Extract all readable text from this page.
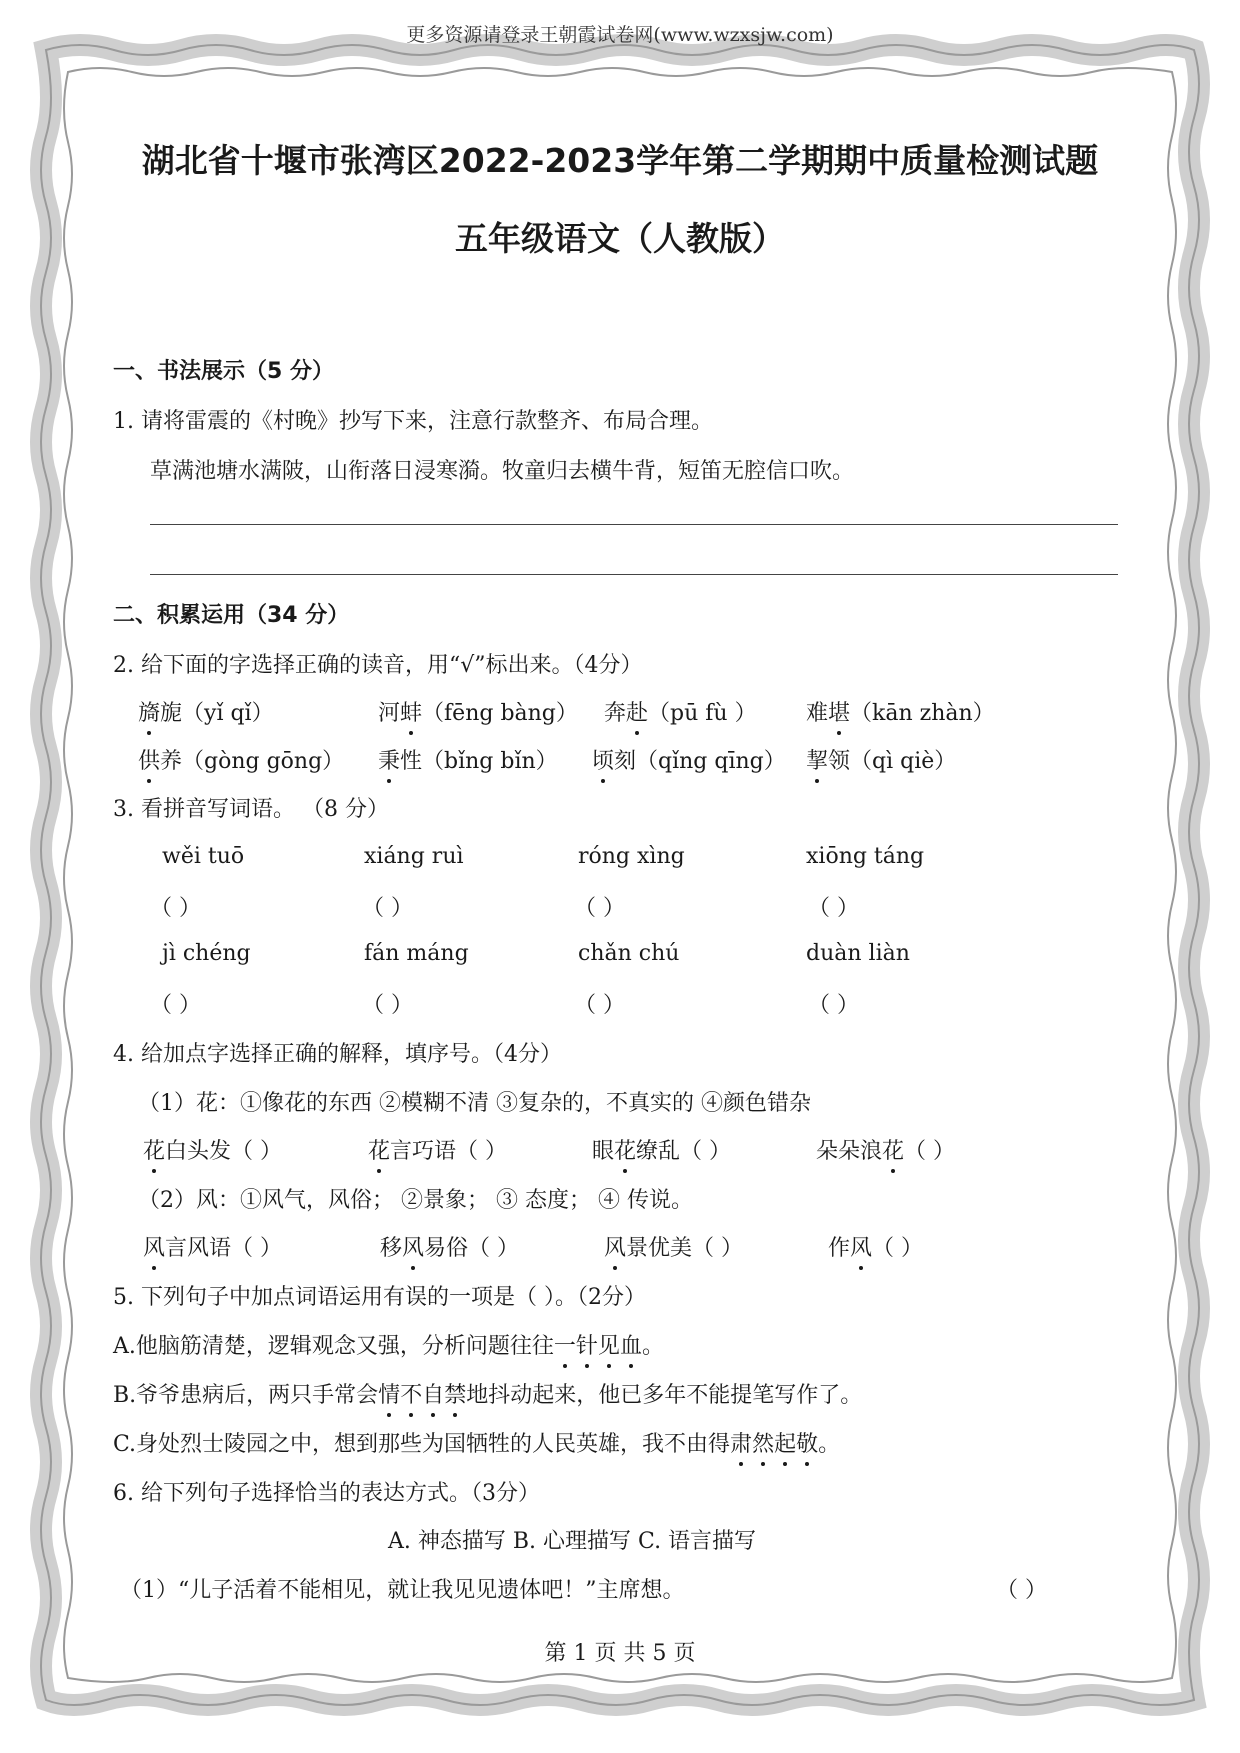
更多资源请登录王朝霞试卷网(www.wzxsjw.com)
湖北省十堰市张湾区2022-2023学年第二学期期中质量检测试题
五年级语文（人教版）
一、书法展示（5 分）
1. 请将雷震的《村晚》抄写下来，注意行款整齐、布局合理。
草满池塘水满陂，山衔落日浸寒漪。牧童归去横牛背，短笛无腔信口吹。
二、积累运用（34 分）
2. 给下面的字选择正确的读音，用“√”标出来。（4分）
旖旎（yǐ qǐ）	河蚌（fēng bàng） 奔赴（pū fù ） 难堪（kān zhàn）
供养（gòng gōng） 秉性（bǐng bǐn） 顷刻（qǐng qīng） 挈领（qì qiè）
3. 看拼音写词语。 （8 分）
wěi tuō	xiáng ruì	róng xìng	xiōng táng
（ ）	（ ）	（ ）	（ ）
jì chéng	fán máng	chǎn chú	duàn liàn
（ ）	（ ）	（ ）	（ ）
4. 给加点字选择正确的解释，填序号。（4分）
（1）花：①像花的东西 ②模糊不清 ③复杂的，不真实的 ④颜色错杂
花白头发（ ）	花言巧语（ ）	眼花缭乱（ ）	朵朵浪花（ ）
（2）风：①风气，风俗； ②景象； ③ 态度； ④ 传说。
风言风语（ ）	移风易俗（ ）	风景优美（ ）	作风（ ）
5. 下列句子中加点词语运用有误的一项是（ ）。（2分）
A.他脑筋清楚，逻辑观念又强，分析问题往往一针见血。
B.爷爷患病后，两只手常会情不自禁地抖动起来，他已多年不能提笔写作了。
C.身处烈士陵园之中，想到那些为国牺牲的人民英雄，我不由得肃然起敬。
6. 给下列句子选择恰当的表达方式。（3分）
A. 神态描写 B. 心理描写 C. 语言描写
（1）“儿子活着不能相见，就让我见见遗体吧！”主席想。	（ ）
第 1 页 共 5 页
